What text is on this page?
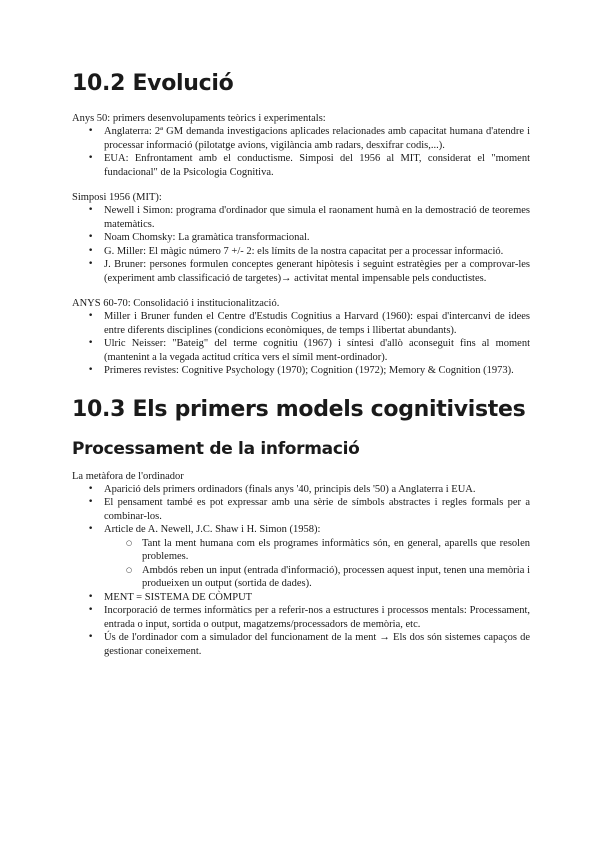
10.2 Evolució

Anys 50: primers desenvolupaments teòrics i experimentals:

• Anglaterra: 2ª GM demanda investigacions aplicades relacionades amb capacitat humana d'atendre i processar informació (pilotatge avions, vigilància amb radars, desxifrar codis,...).
• EUA: Enfrontament amb el conductisme. Simposi del 1956 al MIT, considerat el "moment fundacional" de la Psicologia Cognitiva.

Simposi 1956 (MIT):

• Newell i Simon: programa d'ordinador que simula el raonament humà en la demostració de teoremes matemàtics.
• Noam Chomsky: La gramàtica transformacional.
• G. Miller: El màgic número 7 +/- 2: els límits de la nostra capacitat per a processar informació.
• J. Bruner: persones formulen conceptes generant hipòtesis i seguint estratègies per a comprovar-les (experiment amb classificació de targetes)→ activitat mental impensable pels conductistes.

ANYS 60-70: Consolidació i institucionalització.

• Miller i Bruner funden el Centre d'Estudis Cognitius a Harvard (1960): espai d'intercanvi de idees entre diferents disciplines (condicions econòmiques, de temps i llibertat abundants).
• Ulric Neisser: "Bateig" del terme cognitiu (1967) i síntesi d'allò aconseguit fins al moment (mantenint a la vegada actitud crítica vers el símil ment-ordinador).
• Primeres revistes: Cognitive Psychology (1970); Cognition (1972); Memory & Cognition (1973).
10.3 Els primers models cognitivistes
Processament de la informació

La metàfora de l'ordinador

• Aparició dels primers ordinadors (finals anys '40, principis dels '50) a Anglaterra i EUA.
• El pensament també es pot expressar amb una sèrie de símbols abstractes i regles formals per a combinar-los.
• Article de A. Newell, J.C. Shaw i H. Simon (1958):
○ Tant la ment humana com els programes informàtics són, en general, aparells que resolen problemes.
○ Ambdós reben un input (entrada d'informació), processen aquest input, tenen una memòria i produeixen un output (sortida de dades).
• MENT = SISTEMA DE CÒMPUT
• Incorporació de termes informàtics per a referir-nos a estructures i processos mentals: Processament, entrada o input, sortida o output, magatzems/processadors de memòria, etc.
• Ús de l'ordinador com a simulador del funcionament de la ment → Els dos són sistemes capaços de gestionar coneixement.
